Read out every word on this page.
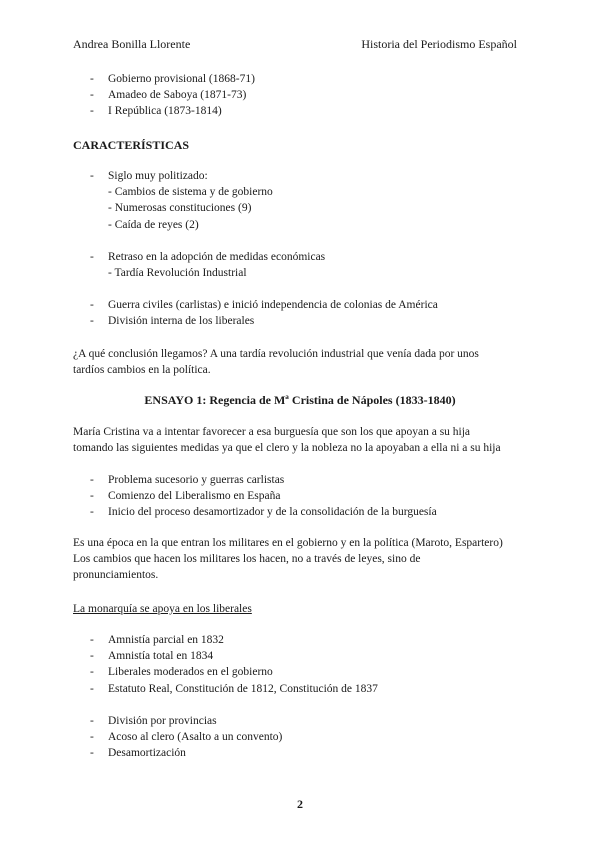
Andrea Bonilla Llorente	Historia del Periodismo Español
- Gobierno provisional (1868-71)
- Amadeo de Saboya (1871-73)
- I República (1873-1814)
CARACTERÍSTICAS
- Siglo muy politizado:
- Cambios de sistema y de gobierno
- Numerosas constituciones (9)
- Caída de reyes (2)
- Retraso en la adopción de medidas económicas
- Tardía Revolución Industrial
- Guerra civiles (carlistas) e inició independencia de colonias de América
- División interna de los liberales
¿A qué conclusión llegamos? A una tardía revolución industrial que venía dada por unos
tardíos cambios en la política.
ENSAYO 1: Regencia de Mª Cristina de Nápoles (1833-1840)
María Cristina va a intentar favorecer a esa burguesía que son los que apoyan a su hija
tomando las siguientes medidas ya que el clero y la nobleza no la apoyaban a ella ni a su hija
- Problema sucesorio y guerras carlistas
- Comienzo del Liberalismo en España
- Inicio del proceso desamortizador y de la consolidación de la burguesía
Es una época en la que entran los militares en el gobierno y en la política (Maroto, Espartero)
Los cambios que hacen los militares los hacen, no a través de leyes, sino de
pronunciamientos.
La monarquía se apoya en los liberales
- Amnistía parcial en 1832
- Amnistía total en 1834
- Liberales moderados en el gobierno
- Estatuto Real, Constitución de 1812, Constitución de 1837
- División por provincias
- Acoso al clero (Asalto a un convento)
- Desamortización
2
